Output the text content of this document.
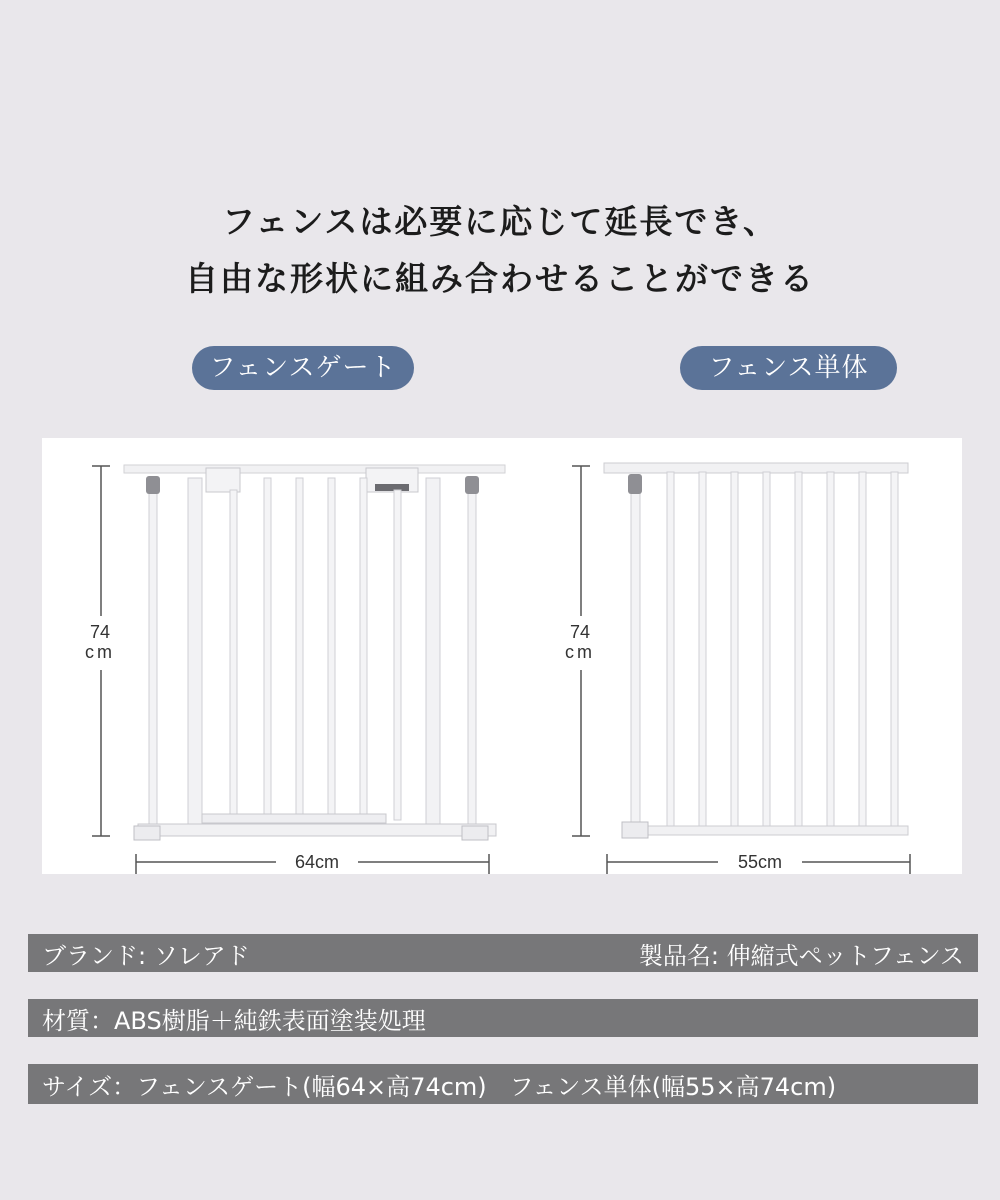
フェンスは必要に応じて延長でき、
自由な形状に組み合わせることができる
フェンスゲート	フェンス単体
74
cm
64cm
74
cm
55cm
ブランド: ソレアド	製品名: 伸縮式ペットフェンス
材質：ABS樹脂＋純鉄表面塗装処理
サイズ：フェンスゲート(幅64×高74cm)   フェンス単体(幅55×高74cm)
